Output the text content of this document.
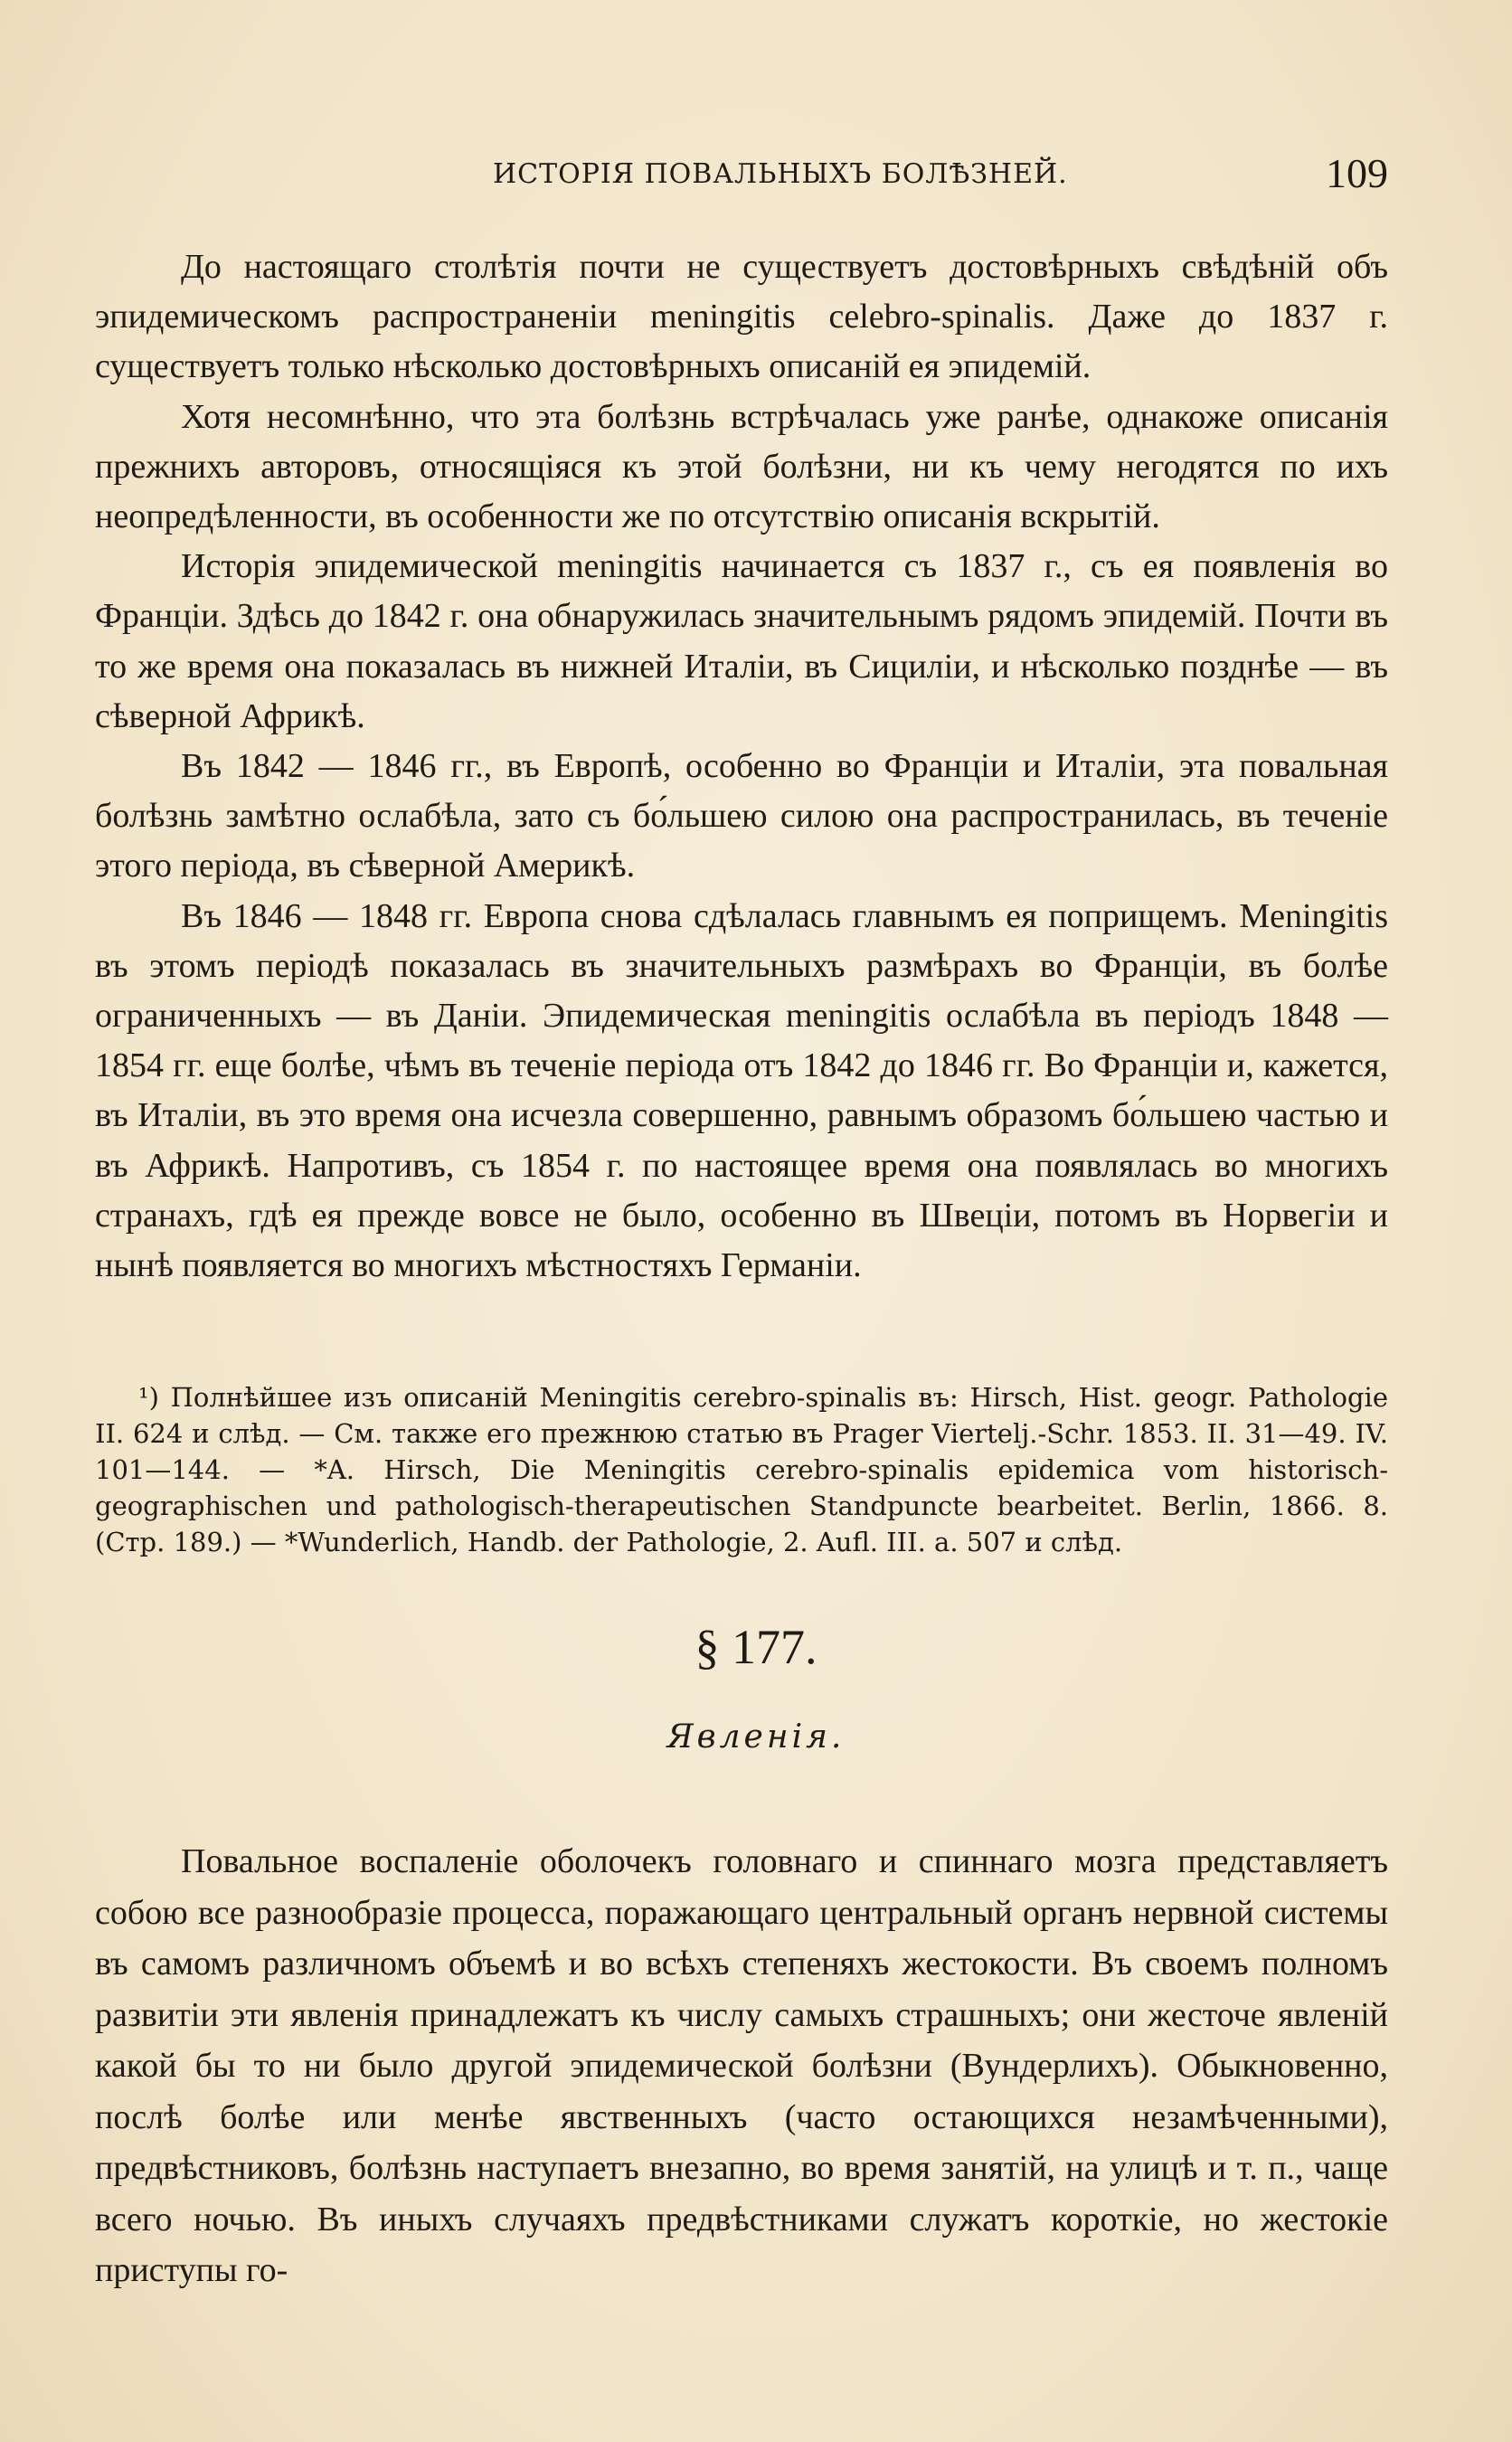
ИСТОРІЯ ПОВАЛЬНЫХЪ БОЛѢЗНЕЙ.	109

До настоящаго столѣтія почти не существуетъ достовѣрныхъ свѣдѣній объ эпидемическомъ распространеніи meningitis celebro-spinalis. Даже до 1837 г. существуетъ только нѣсколько достовѣрныхъ описаній ея эпидемій.

Хотя несомнѣнно, что эта болѣзнь встрѣчалась уже ранѣе, однакоже описанія прежнихъ авторовъ, относящіяся къ этой болѣзни, ни къ чему негодятся по ихъ неопредѣленности, въ особенности же по отсутствію описанія вскрытій.

Исторія эпидемической meningitis начинается съ 1837 г., съ ея появленія во Франціи. Здѣсь до 1842 г. она обнаружилась значительнымъ рядомъ эпидемій. Почти въ то же время она показалась въ нижней Италіи, въ Сициліи, и нѣсколько позднѣе — въ сѣверной Африкѣ.

Въ 1842 — 1846 гг., въ Европѣ, особенно во Франціи и Италіи, эта повальная болѣзнь замѣтно ослабѣла, зато съ бо́льшею силою она распространилась, въ теченіе этого періода, въ сѣверной Америкѣ.

Въ 1846 — 1848 гг. Европа снова сдѣлалась главнымъ ея поприщемъ. Meningitis въ этомъ періодѣ показалась въ значительныхъ размѣрахъ во Франціи, въ болѣе ограниченныхъ — въ Даніи. Эпидемическая meningitis ослабѣла въ періодъ 1848 — 1854 гг. еще болѣе, чѣмъ въ теченіе періода отъ 1842 до 1846 гг. Во Франціи и, кажется, въ Италіи, въ это время она исчезла совершенно, равнымъ образомъ бо́льшею частью и въ Африкѣ. Напротивъ, съ 1854 г. по настоящее время она появлялась во многихъ странахъ, гдѣ ея прежде вовсе не было, особенно въ Швеціи, потомъ въ Норвегіи и нынѣ появляется во многихъ мѣстностяхъ Германіи.

¹) Полнѣйшее изъ описаній Meningitis cerebro-spinalis въ: Hirsch, Hist. geogr. Pathologie II. 624 и слѣд. — См. также его прежнюю статью въ Prager Viertelj.-Schr. 1853. II. 31—49. IV. 101—144. — *A. Hirsch, Die Meningitis cerebro-spinalis epidemica vom historisch-geographischen und pathologisch-therapeutischen Standpuncte bearbeitet. Berlin, 1866. 8. (Стр. 189.) — *Wunderlich, Handb. der Pathologie, 2. Aufl. III. a. 507 и слѣд.

§ 177.
Явленія.

Повальное воспаленіе оболочекъ головнаго и спиннаго мозга представляетъ собою все разнообразіе процесса, поражающаго центральный органъ нервной системы въ самомъ различномъ объемѣ и во всѣхъ степеняхъ жестокости. Въ своемъ полномъ развитіи эти явленія принадлежатъ къ числу самыхъ страшныхъ; они жесточе явленій какой бы то ни было другой эпидемической болѣзни (Вундерлихъ). Обыкновенно, послѣ болѣе или менѣе явственныхъ (часто остающихся незамѣченными), предвѣстниковъ, болѣзнь наступаетъ внезапно, во время занятій, на улицѣ и т. п., чаще всего ночью. Въ иныхъ случаяхъ предвѣстниками служатъ короткіе, но жестокіе приступы го-
